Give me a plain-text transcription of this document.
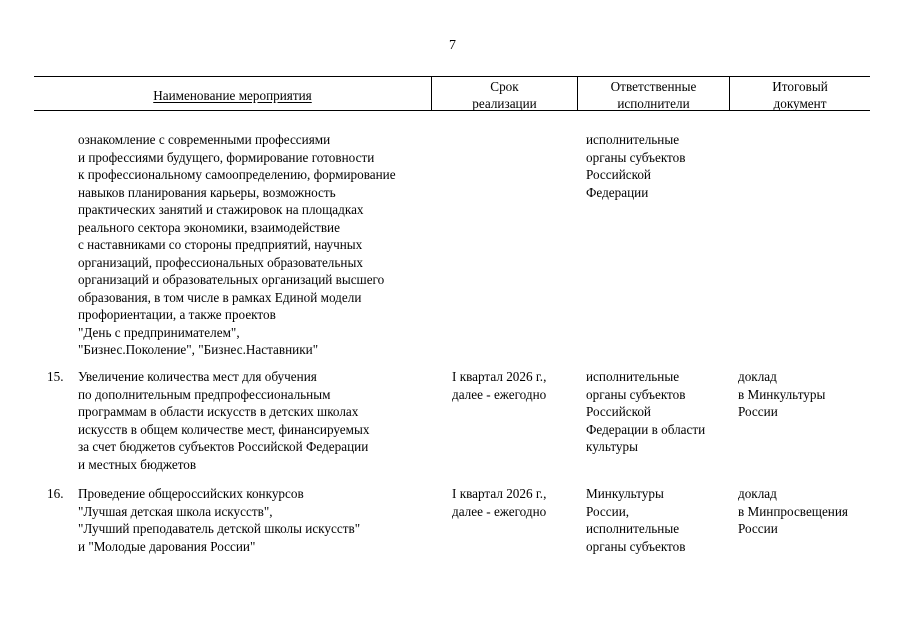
7
Наименование мероприятия
Срок
реализации
Ответственные
исполнители
Итоговый
документ
ознакомление с современными профессиями
и профессиями будущего, формирование готовности
к профессиональному самоопределению, формирование
навыков планирования карьеры, возможность
практических занятий и стажировок на площадках
реального сектора экономики, взаимодействие
с наставниками со стороны предприятий, научных
организаций, профессиональных образовательных
организаций и образовательных организаций высшего
образования, в том числе в рамках Единой модели
профориентации, а также проектов
"День с предпринимателем",
"Бизнес.Поколение", "Бизнес.Наставники"
исполнительные
органы субъектов
Российской
Федерации
15. Увеличение количества мест для обучения
по дополнительным предпрофессиональным
программам в области искусств в детских школах
искусств в общем количестве мест, финансируемых
за счет бюджетов субъектов Российской Федерации
и местных бюджетов
I квартал 2026 г.,
далее - ежегодно
исполнительные
органы субъектов
Российской
Федерации в области
культуры
доклад
в Минкультуры
России
16. Проведение общероссийских конкурсов
"Лучшая детская школа искусств",
"Лучший преподаватель детской школы искусств"
и "Молодые дарования России"
I квартал 2026 г.,
далее - ежегодно
Минкультуры
России,
исполнительные
органы субъектов
доклад
в Минпросвещения
России
